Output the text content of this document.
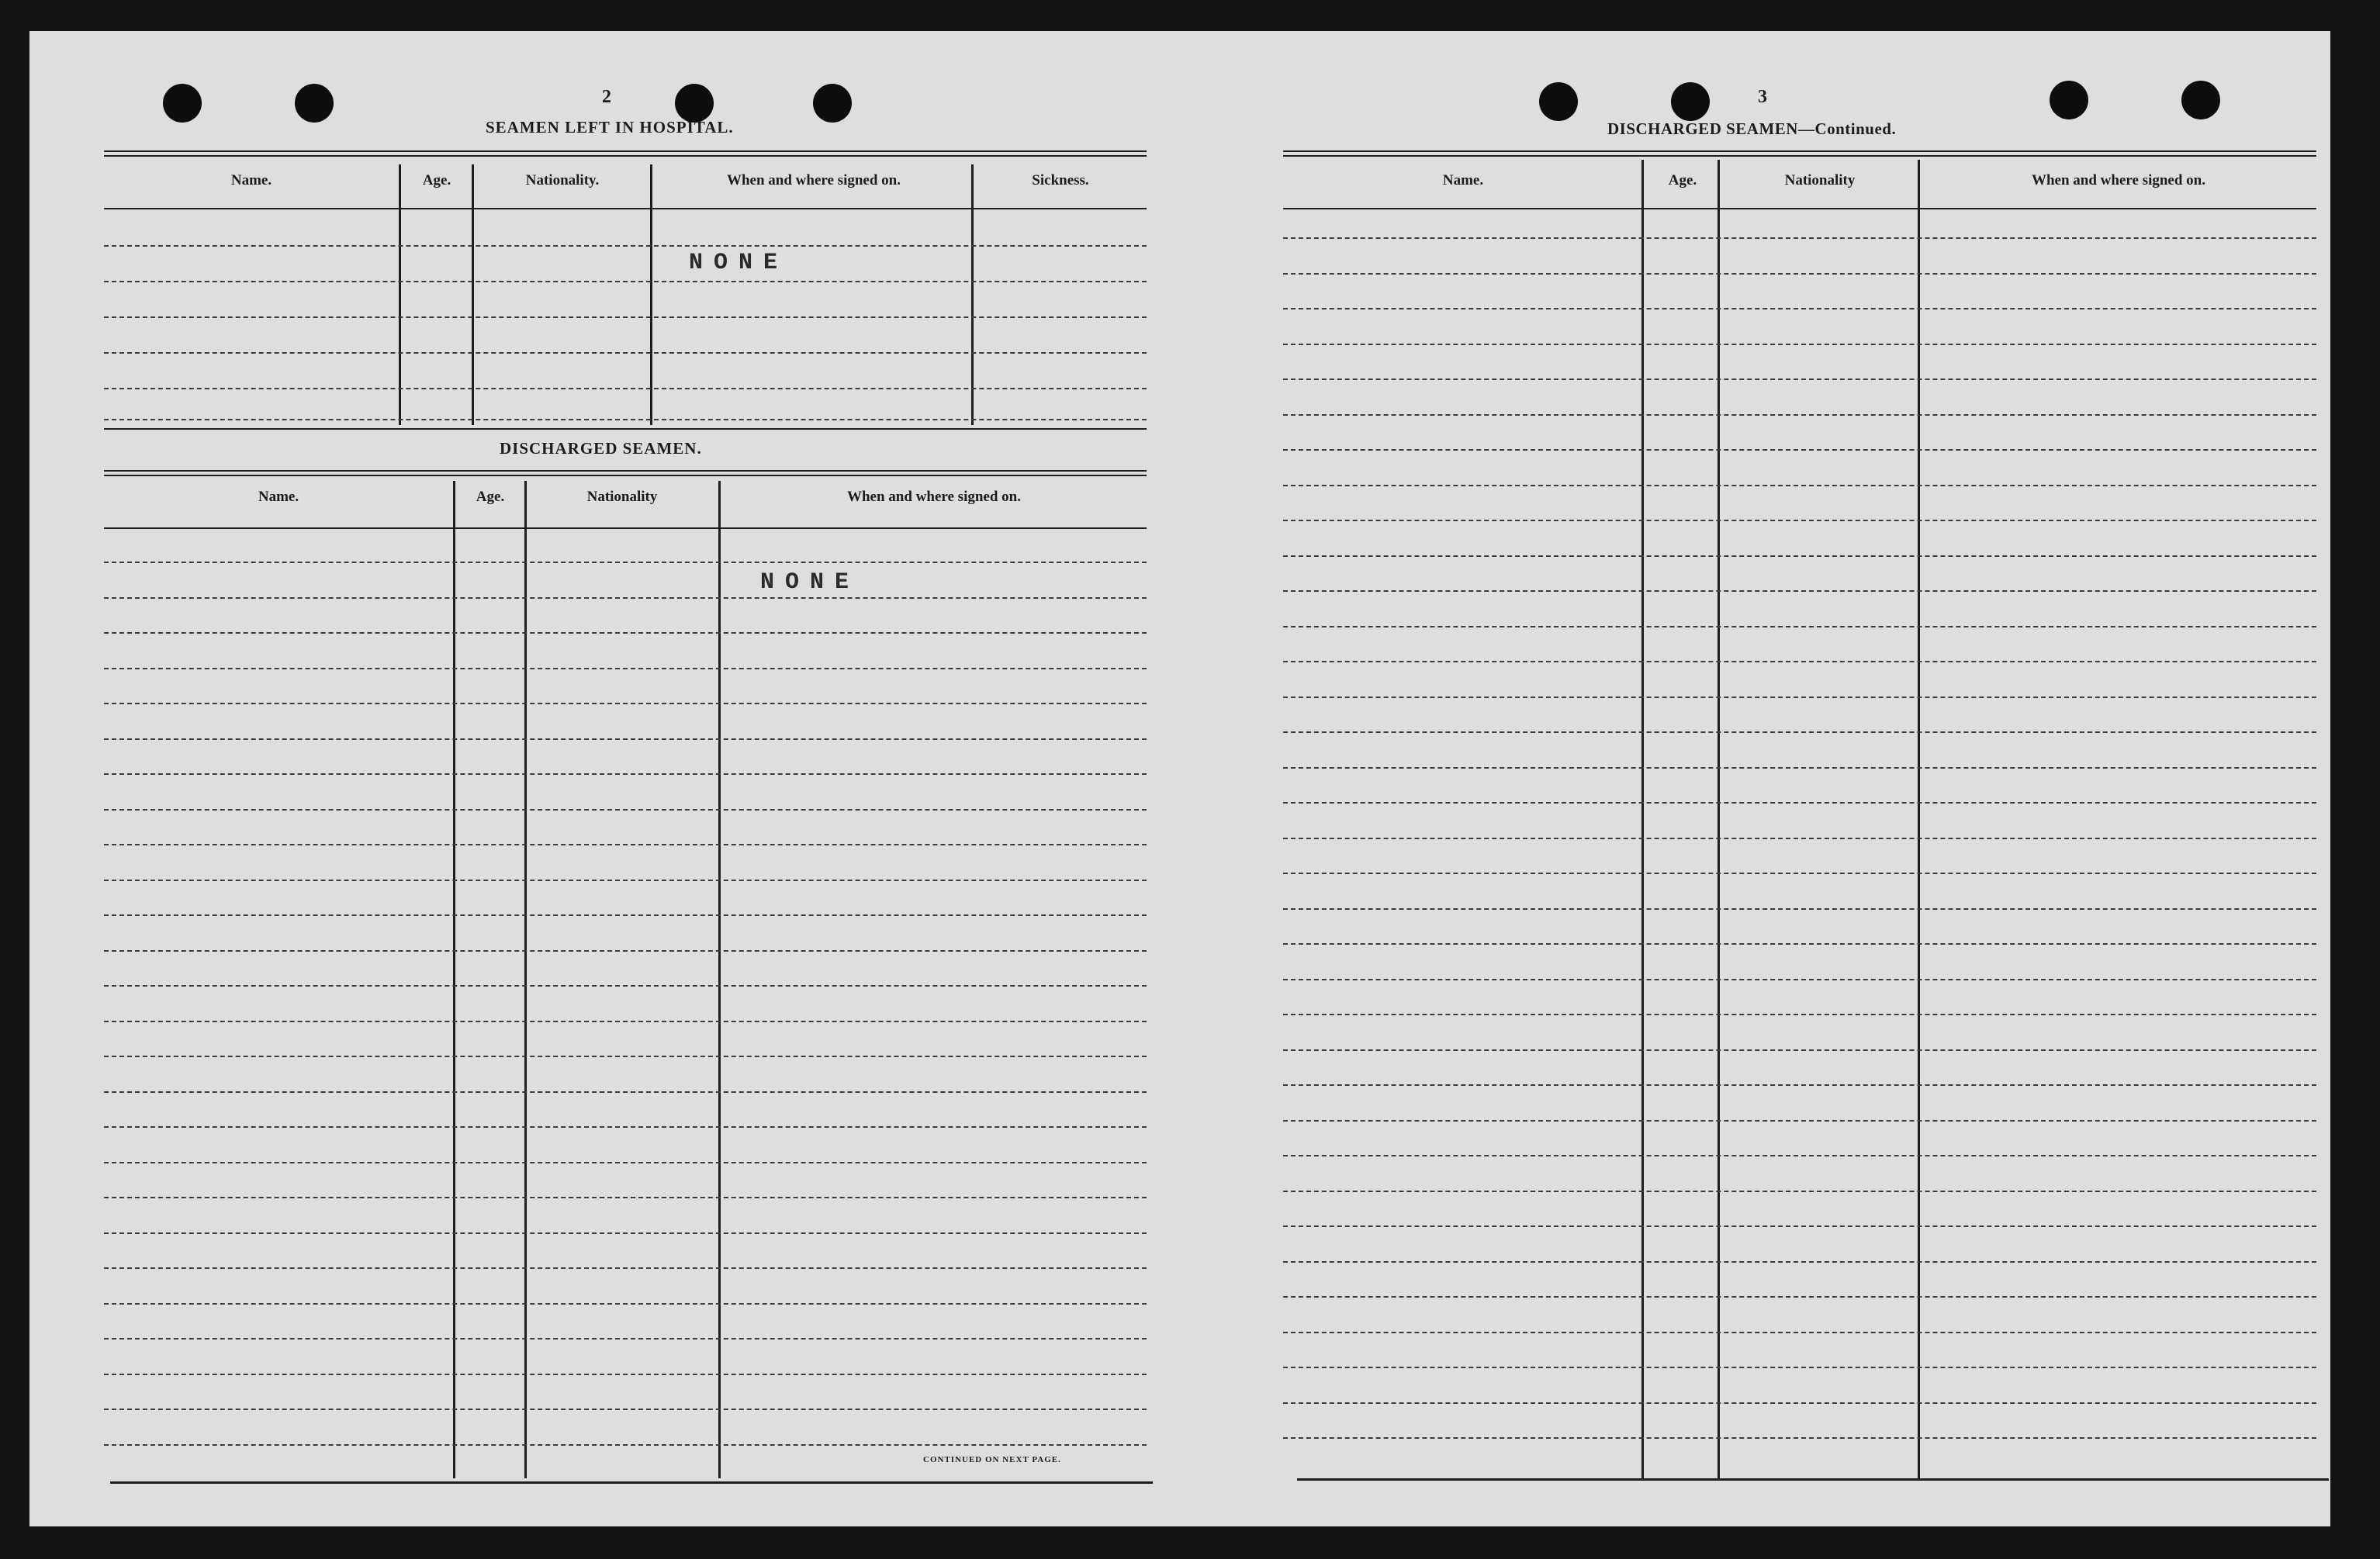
2
SEAMEN LEFT IN HOSPITAL.
Name.	Age.	Nationality.	When and where signed on.	Sickness.
NONE
DISCHARGED SEAMEN.
Name.	Age.	Nationality	When and where signed on.
NONE
CONTINUED ON NEXT PAGE.
3
DISCHARGED SEAMEN—Continued.
Name.	Age.	Nationality	When and where signed on.
